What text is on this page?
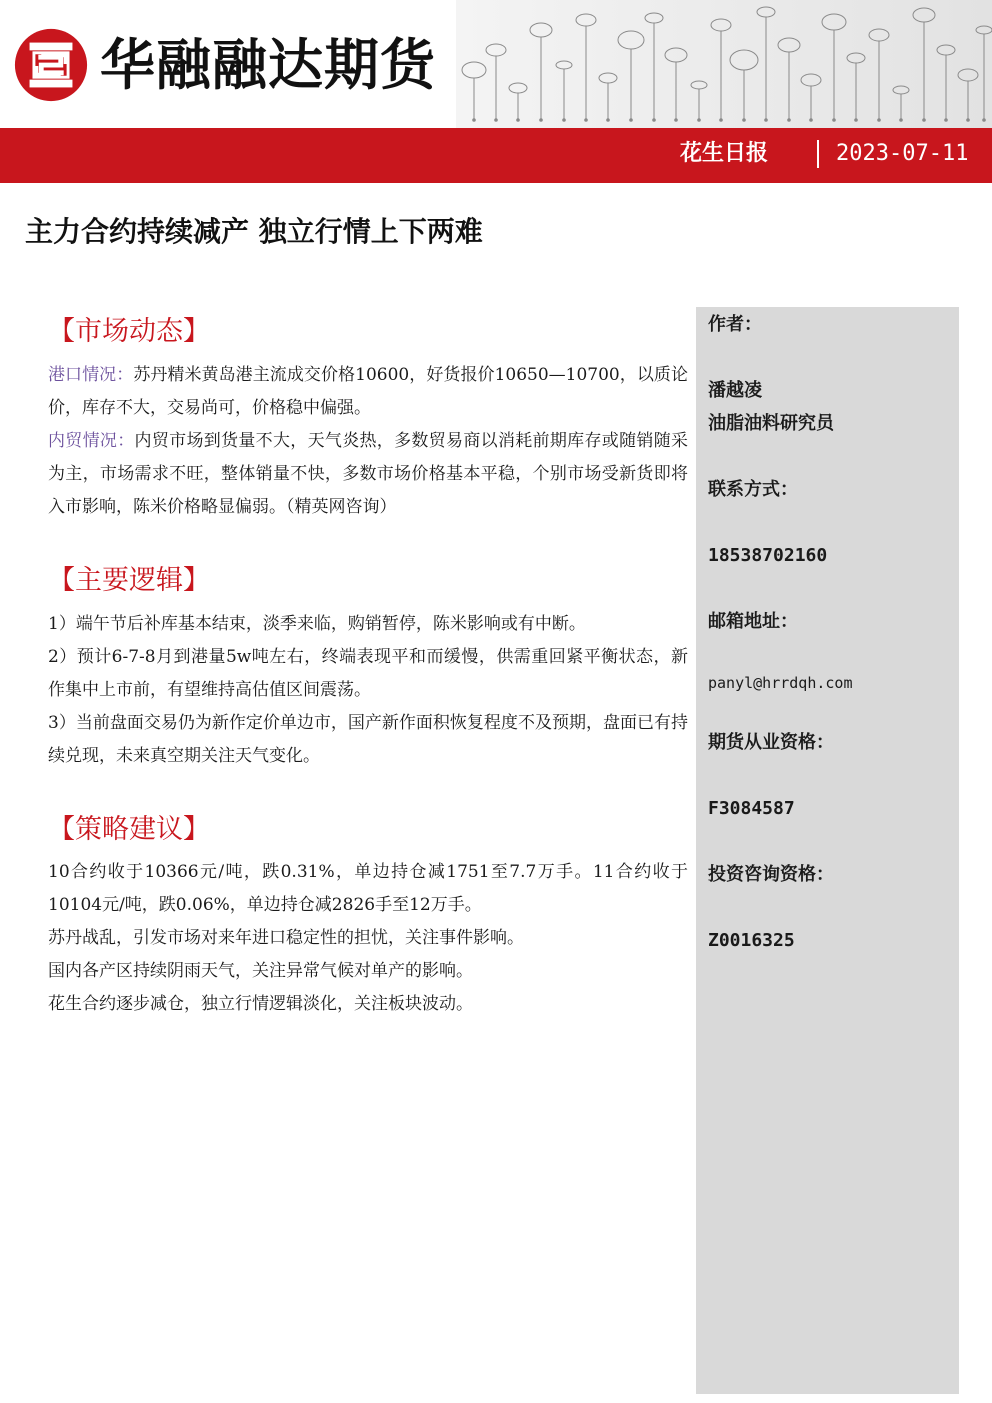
华融融达期货
花生日报	2023-07-11
主力合约持续减产 独立行情上下两难
【市场动态】

港口情况：苏丹精米黄岛港主流成交价格10600，好货报价10650—10700，以质论价，库存不大，交易尚可，价格稳中偏强。

内贸情况：内贸市场到货量不大，天气炎热，多数贸易商以消耗前期库存或随销随采为主，市场需求不旺，整体销量不快，多数市场价格基本平稳，个别市场受新货即将入市影响，陈米价格略显偏弱。（精英网咨询）

【主要逻辑】

1）端午节后补库基本结束，淡季来临，购销暂停，陈米影响或有中断。

2）预计6-7-8月到港量5w吨左右，终端表现平和而缓慢，供需重回紧平衡状态，新作集中上市前，有望维持高估值区间震荡。

3）当前盘面交易仍为新作定价单边市，国产新作面积恢复程度不及预期，盘面已有持续兑现，未来真空期关注天气变化。

【策略建议】

10合约收于10366元/吨，跌0.31%，单边持仓减1751至7.7万手。11合约收于10104元/吨，跌0.06%，单边持仓减2826手至12万手。

苏丹战乱，引发市场对来年进口稳定性的担忧，关注事件影响。

国内各产区持续阴雨天气，关注异常气候对单产的影响。

花生合约逐步减仓，独立行情逻辑淡化，关注板块波动。

作者：
潘越凌
油脂油料研究员
联系方式：
18538702160
邮箱地址：
panyl@hrrdqh.com
期货从业资格：
F3084587
投资咨询资格：
Z0016325
